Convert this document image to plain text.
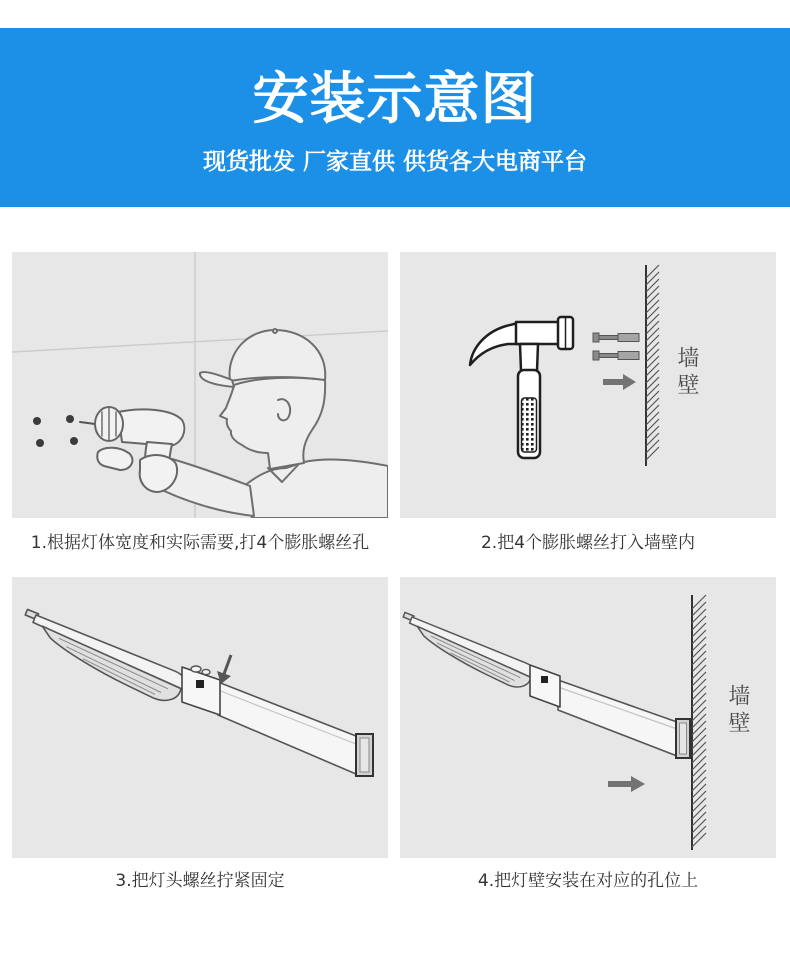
安装示意图
现货批发 厂家直供 供货各大电商平台
1.根据灯体宽度和实际需要,打4个膨胀螺丝孔
墙壁
2.把4个膨胀螺丝打入墙壁内
3.把灯头螺丝拧紧固定
墙壁
4.把灯壁安装在对应的孔位上
